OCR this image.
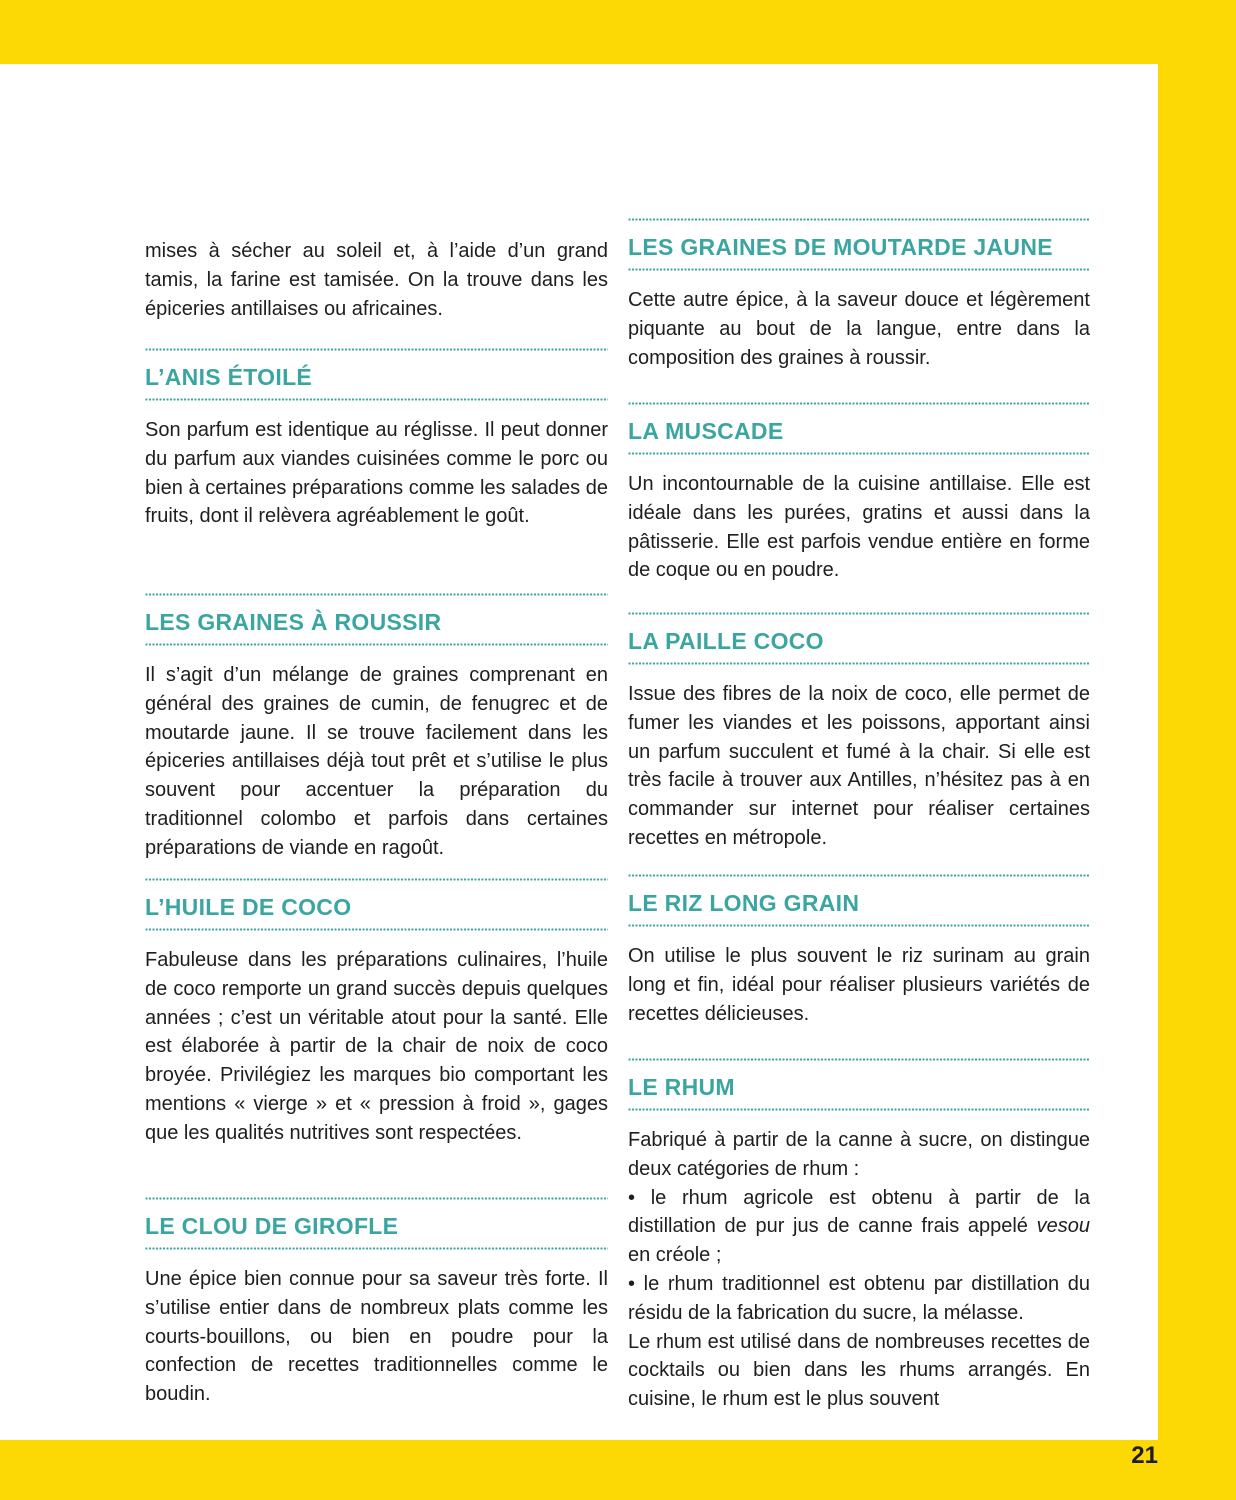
21

mises à sécher au soleil et, à l’aide d’un grand tamis, la farine est tamisée. On la trouve dans les épiceries antillaises ou africaines.

L’ANIS ÉTOILÉ

Son parfum est identique au réglisse. Il peut donner du parfum aux viandes cuisinées comme le porc ou bien à certaines préparations comme les salades de fruits, dont il relèvera agréablement le goût.

LES GRAINES À ROUSSIR

Il s’agit d’un mélange de graines comprenant en général des graines de cumin, de fenugrec et de moutarde jaune. Il se trouve facilement dans les épiceries antillaises déjà tout prêt et s’utilise le plus souvent pour accentuer la préparation du traditionnel colombo et parfois dans certaines préparations de viande en ragoût.

L’HUILE DE COCO

Fabuleuse dans les préparations culinaires, l’huile de coco remporte un grand succès depuis quelques années ; c’est un véritable atout pour la santé. Elle est élaborée à partir de la chair de noix de coco broyée. Privilégiez les marques bio comportant les mentions « vierge » et « pression à froid », gages que les qualités nutritives sont respectées.

LE CLOU DE GIROFLE

Une épice bien connue pour sa saveur très forte. Il s’utilise entier dans de nombreux plats comme les courts-bouillons, ou bien en poudre pour la confection de recettes traditionnelles comme le boudin.

LES GRAINES DE MOUTARDE JAUNE

Cette autre épice, à la saveur douce et légèrement piquante au bout de la langue, entre dans la composition des graines à roussir.

LA MUSCADE

Un incontournable de la cuisine antillaise. Elle est idéale dans les purées, gratins et aussi dans la pâtisserie. Elle est parfois vendue entière en forme de coque ou en poudre.

LA PAILLE COCO

Issue des fibres de la noix de coco, elle permet de fumer les viandes et les poissons, apportant ainsi un parfum succulent et fumé à la chair. Si elle est très facile à trouver aux Antilles, n’hésitez pas à en commander sur internet pour réaliser certaines recettes en métropole.

LE RIZ LONG GRAIN

On utilise le plus souvent le riz surinam au grain long et fin, idéal pour réaliser plusieurs variétés de recettes délicieuses.

LE RHUM

Fabriqué à partir de la canne à sucre, on distingue deux catégories de rhum :

• le rhum agricole est obtenu à partir de la distillation de pur jus de canne frais appelé vesou en créole ;

• le rhum traditionnel est obtenu par distillation du résidu de la fabrication du sucre, la mélasse.

Le rhum est utilisé dans de nombreuses recettes de cocktails ou bien dans les rhums arrangés. En cuisine, le rhum est le plus souvent
